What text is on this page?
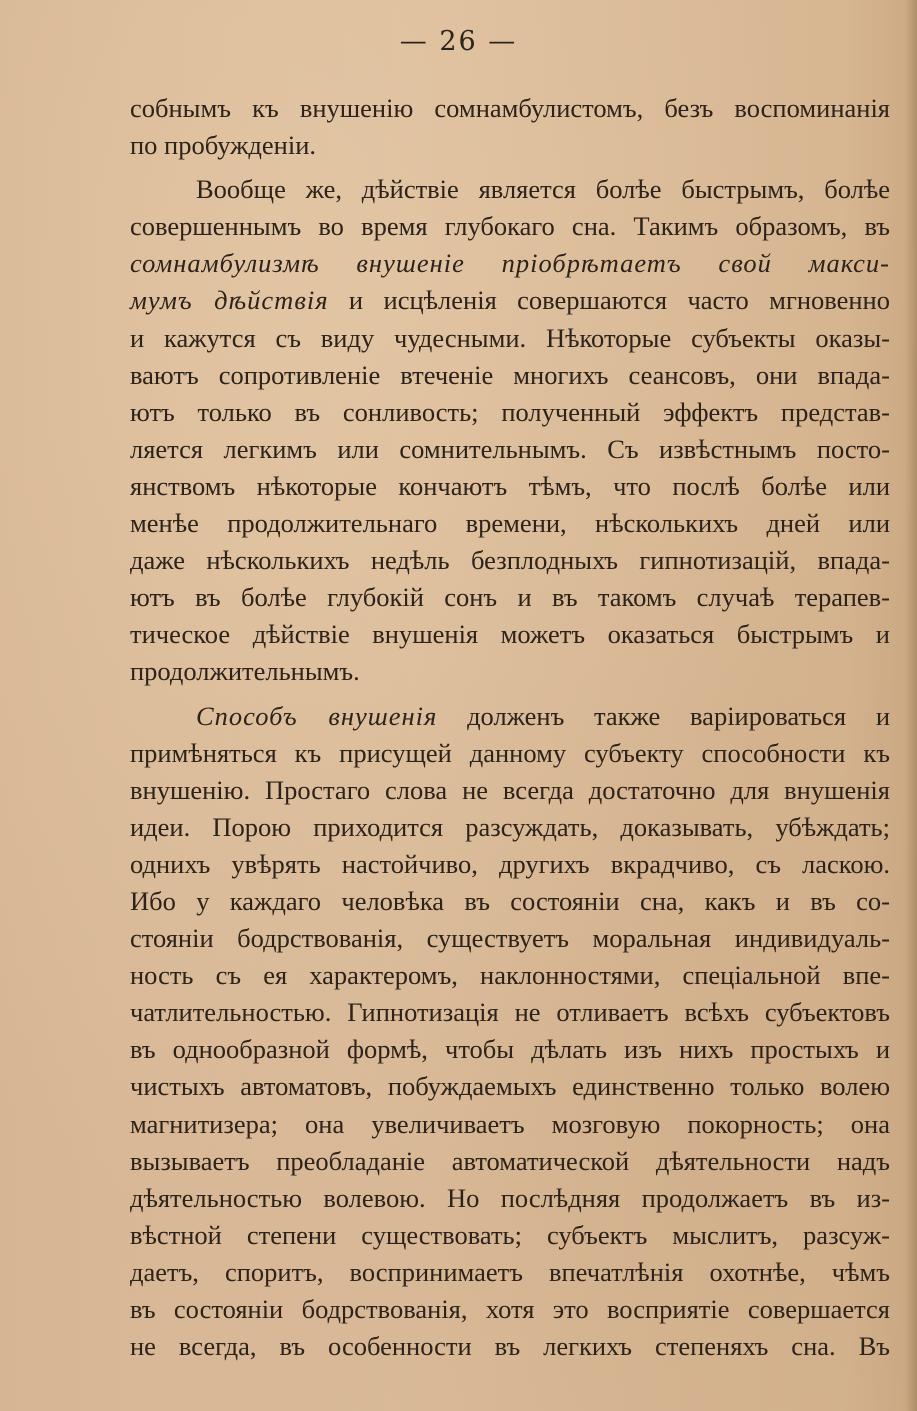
— 26 —

собнымъ къ внушенію сомнамбулистомъ, безъ воспоминанія

по пробужденіи.

Вообще же, дѣйствіе является болѣе быстрымъ, болѣе

совершеннымъ во время глубокаго сна. Такимъ образомъ, въ

сомнамбулизмѣ внушеніе пріобрѣтаетъ свой макси-

мумъ дѣйствія и исцѣленія совершаются часто мгновенно

и кажутся съ виду чудесными. Нѣкоторые субъекты оказы-

ваютъ сопротивленіе втеченіе многихъ сеансовъ, они впада-

ютъ только въ сонливость; полученный эффектъ представ-

ляется легкимъ или сомнительнымъ. Съ извѣстнымъ посто-

янствомъ нѣкоторые кончаютъ тѣмъ, что послѣ болѣе или

менѣе продолжительнаго времени, нѣсколькихъ дней или

даже нѣсколькихъ недѣль безплодныхъ гипнотизацій, впада-

ютъ въ болѣе глубокій сонъ и въ такомъ случаѣ терапев-

тическое дѣйствіе внушенія можетъ оказаться быстрымъ и

продолжительнымъ.

Способъ внушенія долженъ также варіироваться и

примѣняться къ присущей данному субъекту способности къ

внушенію. Простаго слова не всегда достаточно для внушенія

идеи. Порою приходится разсуждать, доказывать, убѣждать;

однихъ увѣрять настойчиво, другихъ вкрадчиво, съ ласкою.

Ибо у каждаго человѣка въ состояніи сна, какъ и въ со-

стояніи бодрствованія, существуетъ моральная индивидуаль-

ность съ ея характеромъ, наклонностями, спеціальной впе-

чатлительностью. Гипнотизація не отливаетъ всѣхъ субъектовъ

въ однообразной формѣ, чтобы дѣлать изъ нихъ простыхъ и

чистыхъ автоматовъ, побуждаемыхъ единственно только волею

магнитизера; она увеличиваетъ мозговую покорность; она

вызываетъ преобладаніе автоматической дѣятельности надъ

дѣятельностью волевою. Но послѣдняя продолжаетъ въ из-

вѣстной степени существовать; субъектъ мыслитъ, разсуж-

даетъ, споритъ, воспринимаетъ впечатлѣнія охотнѣе, чѣмъ

въ состояніи бодрствованія, хотя это восприятіе совершается

не всегда, въ особенности въ легкихъ степеняхъ сна. Въ
